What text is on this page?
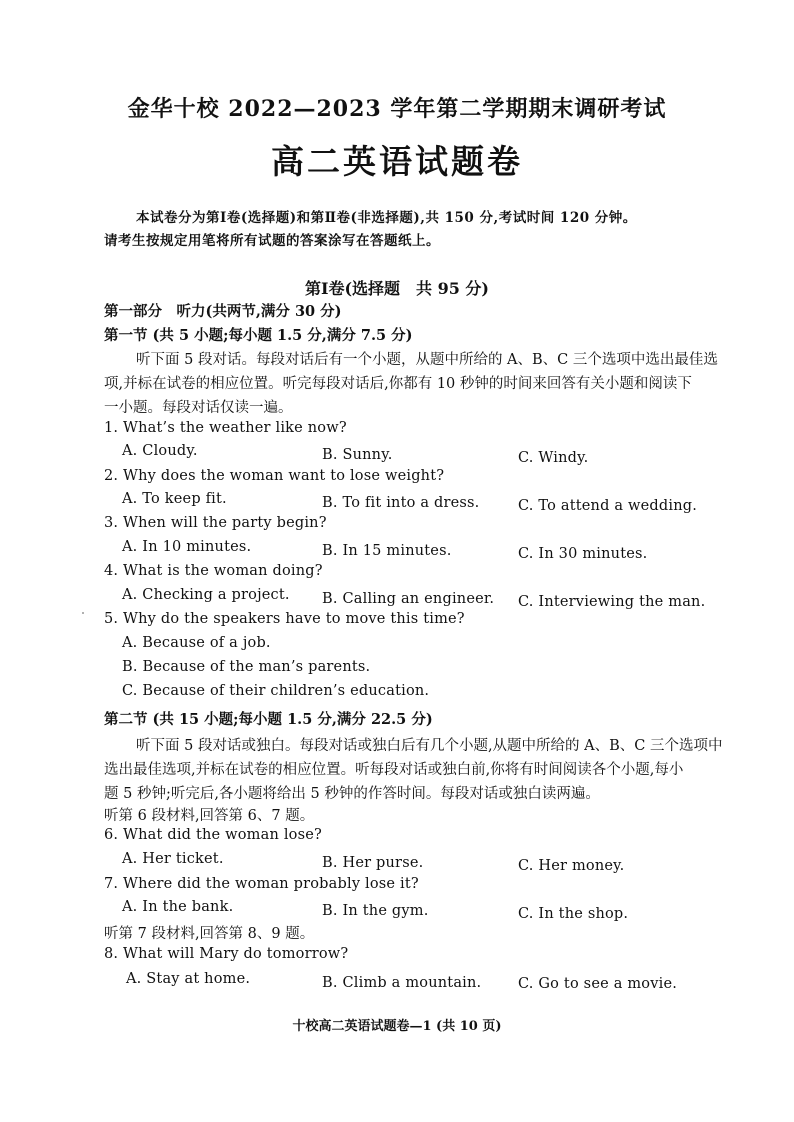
金华十校 2022—2023 学年第二学期期末调研考试
高二英语试题卷
本试卷分为第Ⅰ卷(选择题)和第Ⅱ卷(非选择题),共 150 分,考试时间 120 分钟。
请考生按规定用笔将所有试题的答案涂写在答题纸上。
第Ⅰ卷(选择题　共 95 分)
第一部分　听力(共两节,满分 30 分)
第一节 (共 5 小题;每小题 1.5 分,满分 7.5 分)
听下面 5 段对话。每段对话后有一个小题，从题中所给的 A、B、C 三个选项中选出最佳选
项,并标在试卷的相应位置。听完每段对话后,你都有 10 秒钟的时间来回答有关小题和阅读下
一小题。每段对话仅读一遍。
1. What’s the weather like now?
A. Cloudy.	B. Sunny.	C. Windy.
2. Why does the woman want to lose weight?
A. To keep fit.	B. To fit into a dress.	C. To attend a wedding.
3. When will the party begin?
A. In 10 minutes.	B. In 15 minutes.	C. In 30 minutes.
4. What is the woman doing?
A. Checking a project. B. Calling an engineer. C. Interviewing the man.
5. Why do the speakers have to move this time?
A. Because of a job.
B. Because of the man’s parents.
C. Because of their children’s education.
第二节 (共 15 小题;每小题 1.5 分,满分 22.5 分)
听下面 5 段对话或独白。每段对话或独白后有几个小题,从题中所给的 A、B、C 三个选项中
选出最佳选项,并标在试卷的相应位置。听每段对话或独白前,你将有时间阅读各个小题,每小
题 5 秒钟;听完后,各小题将给出 5 秒钟的作答时间。每段对话或独白读两遍。
听第 6 段材料,回答第 6、7 题。
6. What did the woman lose?
A. Her ticket.	B. Her purse.	C. Her money.
7. Where did the woman probably lose it?
A. In the bank.	B. In the gym.	C. In the shop.
听第 7 段材料,回答第 8、9 题。
8. What will Mary do tomorrow?
A. Stay at home.	B. Climb a mountain.	C. Go to see a movie.
十校高二英语试题卷—1 (共 10 页)
